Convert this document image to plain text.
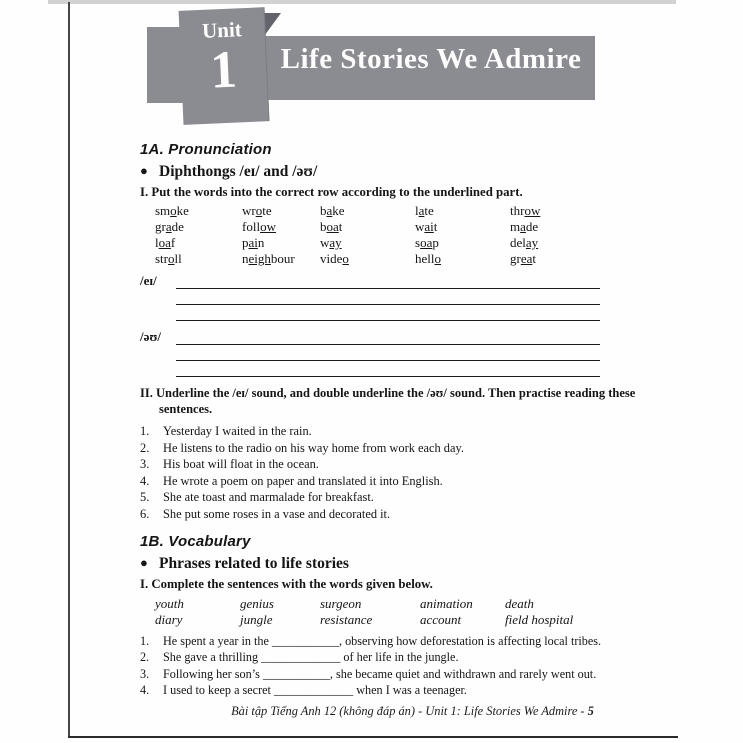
Life Stories We Admire
Unit
1
1A. Pronunciation
● Diphthongs /eɪ/ and /əʊ/
I. Put the words into the correct row according to the underlined part.
smoke	wrote	bake	late	throw
grade	follow	boat	wait	made
loaf	pain	way	soap	delay
stroll	neighbour	video	hello	great
/eɪ/
/əʊ/
II. Underline the /eɪ/ sound, and double underline the /əʊ/ sound. Then practise reading these sentences.
1.	Yesterday I waited in the rain.
2.	He listens to the radio on his way home from work each day.
3.	His boat will float in the ocean.
4.	He wrote a poem on paper and translated it into English.
5.	She ate toast and marmalade for breakfast.
6.	She put some roses in a vase and decorated it.
1B. Vocabulary
● Phrases related to life stories
I. Complete the sentences with the words given below.
youth	genius	surgeon	animation	death
diary	jungle	resistance	account	field hospital
1.	He spent a year in the ___________, observing how deforestation is affecting local tribes.
2.	She gave a thrilling _____________ of her life in the jungle.
3.	Following her son’s ___________, she became quiet and withdrawn and rarely went out.
4.	I used to keep a secret _____________ when I was a teenager.
Bài tập Tiếng Anh 12 (không đáp án) - Unit 1: Life Stories We Admire - 5
